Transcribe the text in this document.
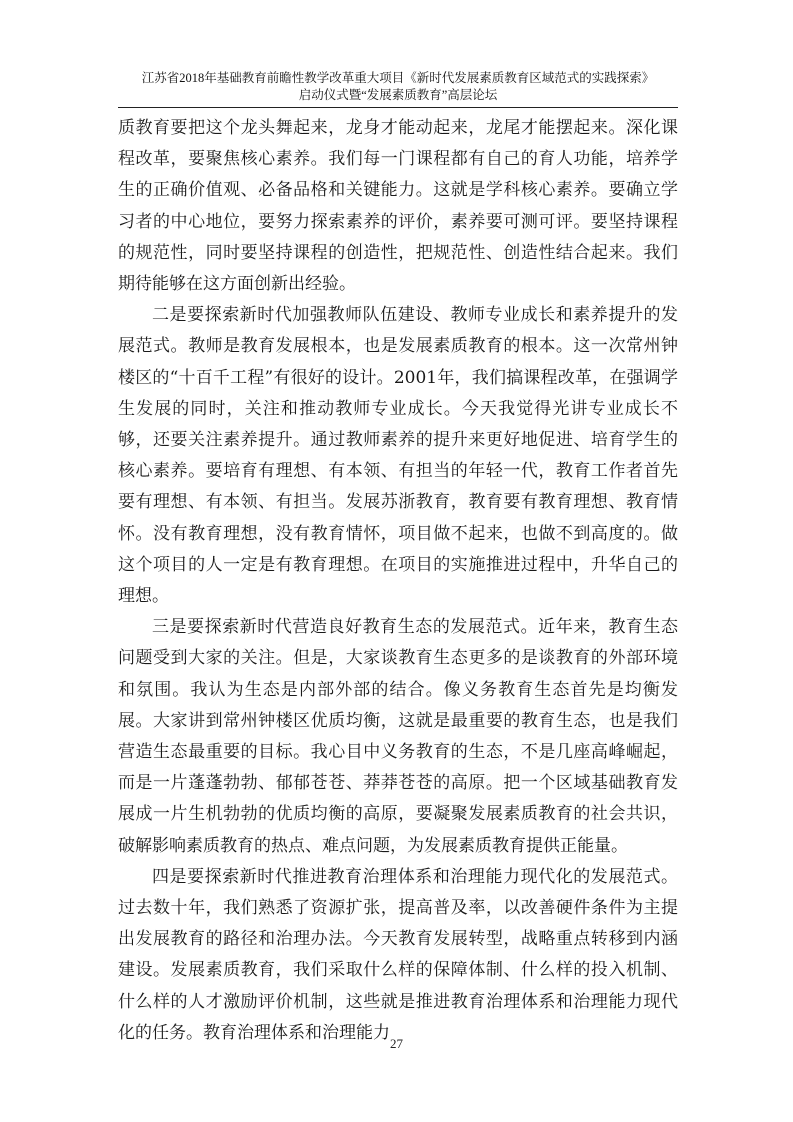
江苏省2018年基础教育前瞻性教学改革重大项目《新时代发展素质教育区域范式的实践探索》
启动仪式暨“发展素质教育”高层论坛

质教育要把这个龙头舞起来，龙身才能动起来，龙尾才能摆起来。深化课程改革，要聚焦核心素养。我们每一门课程都有自己的育人功能，培养学生的正确价值观、必备品格和关键能力。这就是学科核心素养。要确立学习者的中心地位，要努力探索素养的评价，素养要可测可评。要坚持课程的规范性，同时要坚持课程的创造性，把规范性、创造性结合起来。我们期待能够在这方面创新出经验。

二是要探索新时代加强教师队伍建设、教师专业成长和素养提升的发展范式。教师是教育发展根本，也是发展素质教育的根本。这一次常州钟楼区的“十百千工程”有很好的设计。2001年，我们搞课程改革，在强调学生发展的同时，关注和推动教师专业成长。今天我觉得光讲专业成长不够，还要关注素养提升。通过教师素养的提升来更好地促进、培育学生的核心素养。要培育有理想、有本领、有担当的年轻一代，教育工作者首先要有理想、有本领、有担当。发展苏浙教育，教育要有教育理想、教育情怀。没有教育理想，没有教育情怀，项目做不起来，也做不到高度的。做这个项目的人一定是有教育理想。在项目的实施推进过程中，升华自己的理想。

三是要探索新时代营造良好教育生态的发展范式。近年来，教育生态问题受到大家的关注。但是，大家谈教育生态更多的是谈教育的外部环境和氛围。我认为生态是内部外部的结合。像义务教育生态首先是均衡发展。大家讲到常州钟楼区优质均衡，这就是最重要的教育生态，也是我们营造生态最重要的目标。我心目中义务教育的生态，不是几座高峰崛起，而是一片蓬蓬勃勃、郁郁苍苍、莽莽苍苍的高原。把一个区域基础教育发展成一片生机勃勃的优质均衡的高原，要凝聚发展素质教育的社会共识，破解影响素质教育的热点、难点问题，为发展素质教育提供正能量。

四是要探索新时代推进教育治理体系和治理能力现代化的发展范式。过去数十年，我们熟悉了资源扩张，提高普及率，以改善硬件条件为主提出发展教育的路径和治理办法。今天教育发展转型，战略重点转移到内涵建设。发展素质教育，我们采取什么样的保障体制、什么样的投入机制、什么样的人才激励评价机制，这些就是推进教育治理体系和治理能力现代化的任务。教育治理体系和治理能力

27
